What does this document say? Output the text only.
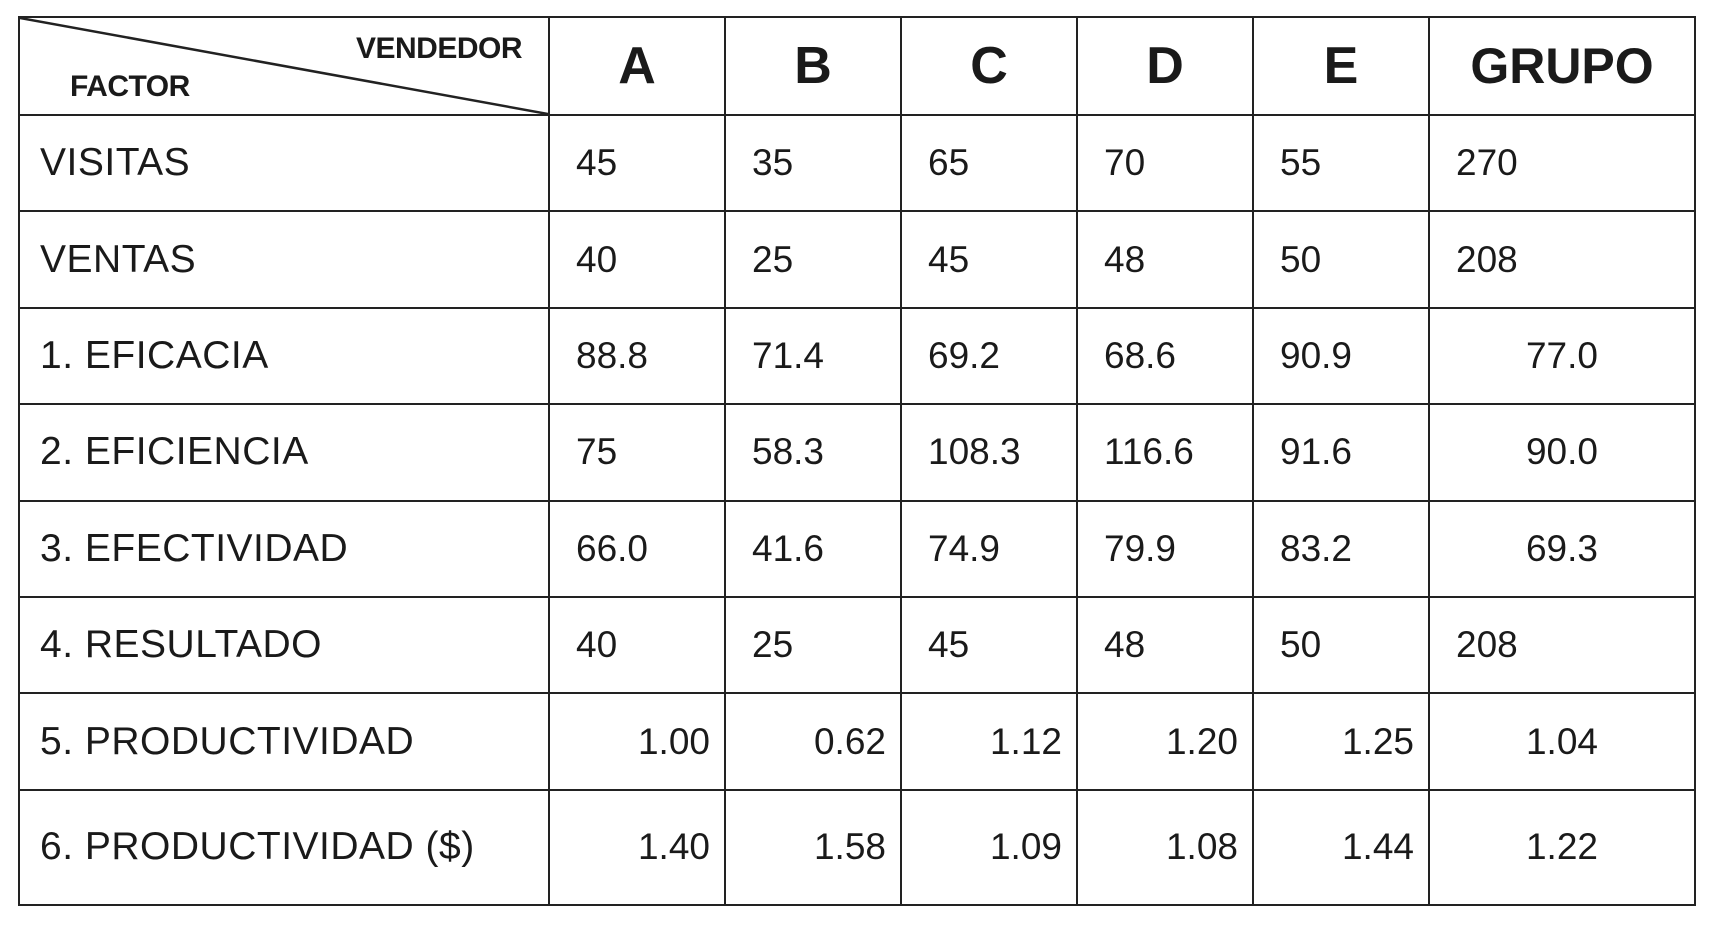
VENDEDOR
FACTOR	A	B	C	D	E	GRUPO
VISITAS	45	35	65	70	55	270
VENTAS	40	25	45	48	50	208
1. EFICACIA	88.8	71.4	69.2	68.6	90.9	77.0
2. EFICIENCIA	75	58.3	108.3	116.6	91.6	90.0
3. EFECTIVIDAD	66.0	41.6	74.9	79.9	83.2	69.3
4. RESULTADO	40	25	45	48	50	208
5. PRODUCTIVIDAD	1.00	0.62	1.12	1.20	1.25	1.04
6. PRODUCTIVIDAD ($)	1.40	1.58	1.09	1.08	1.44	1.22
